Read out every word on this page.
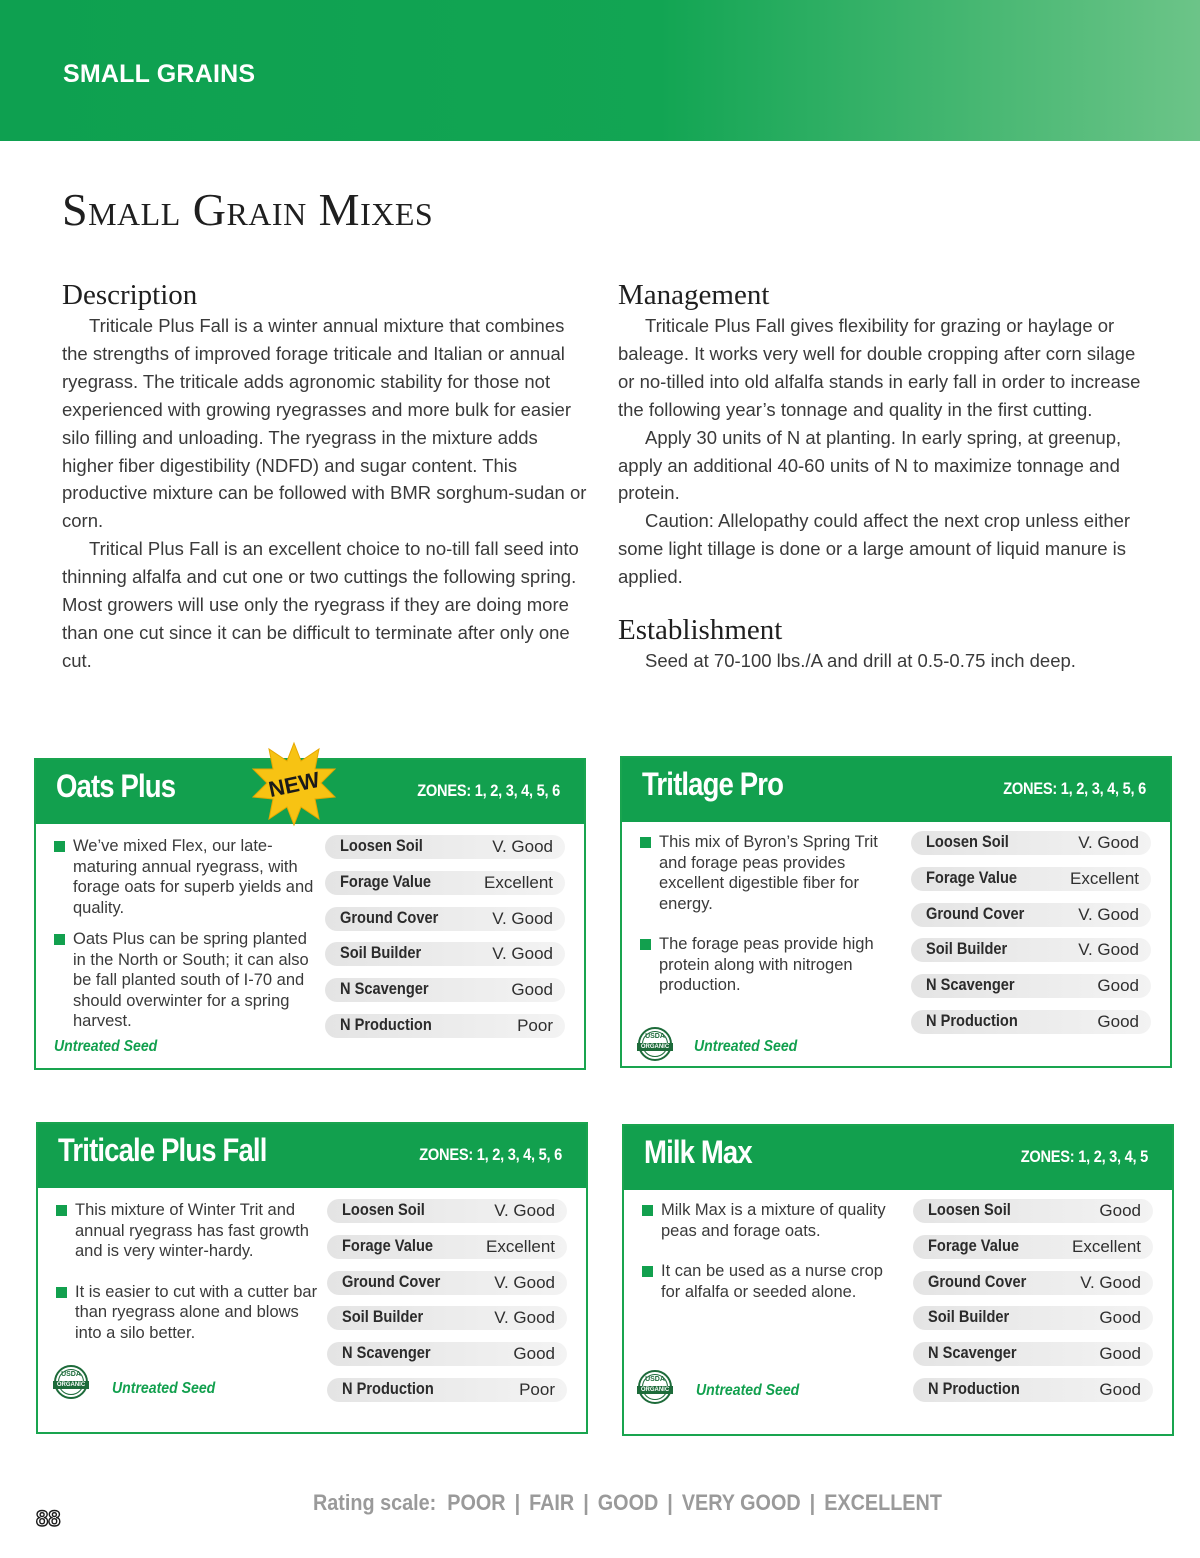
SMALL GRAINS
Small Grain Mixes
Description

Triticale Plus Fall is a winter annual mixture that combines the strengths of improved forage triticale and Italian or annual ryegrass. The triticale adds agronomic stability for those not experienced with growing ryegrasses and more bulk for easier silo filling and unloading. The ryegrass in the mixture adds higher fiber digestibility (NDFD) and sugar content. This productive mixture can be followed with BMR sorghum-sudan or corn.

Tritical Plus Fall is an excellent choice to no-till fall seed into thinning alfalfa and cut one or two cuttings the following spring. Most growers will use only the ryegrass if they are doing more than one cut since it can be difficult to terminate after only one cut.

Management

Triticale Plus Fall gives flexibility for grazing or haylage or baleage. It works very well for double cropping after corn silage or no-tilled into old alfalfa stands in early fall in order to increase the following year’s tonnage and quality in the first cutting.

Apply 30 units of N at planting. In early spring, at greenup, apply an additional 40-60 units of N to maximize tonnage and protein.

Caution: Allelopathy could affect the next crop unless either some light tillage is done or a large amount of liquid manure is applied.

Establishment

Seed at 70-100 lbs./A and drill at 0.5-0.75 inch deep.

Oats Plus	ZONES: 1, 2, 3, 4, 5, 6
We’ve mixed Flex, our late-maturing annual ryegrass, with forage oats for superb yields and quality.
Oats Plus can be spring planted in the North or South; it can also be fall planted south of I-70 and should overwinter for a spring harvest.
Untreated Seed
Loosen Soil	V. Good
Forage Value	Excellent
Ground Cover	V. Good
Soil Builder	V. Good
N Scavenger	Good
N Production	Poor
NEW	Tritlage Pro	ZONES: 1, 2, 3, 4, 5, 6
This mix of Byron’s Spring Trit and forage peas provides excellent digestible fiber for energy.
The forage peas provide high protein along with nitrogen production.
USDA
ORGANIC Untreated Seed
Loosen Soil	V. Good
Forage Value	Excellent
Ground Cover	V. Good
Soil Builder	V. Good
N Scavenger	Good
N Production	Good
Triticale Plus Fall	ZONES: 1, 2, 3, 4, 5, 6
This mixture of Winter Trit and annual ryegrass has fast growth and is very winter-hardy.
It is easier to cut with a cutter bar than ryegrass alone and blows into a silo better.
USDA
ORGANIC Untreated Seed
Loosen Soil	V. Good
Forage Value	Excellent
Ground Cover	V. Good
Soil Builder	V. Good
N Scavenger	Good
N Production	Poor
Milk Max	ZONES: 1, 2, 3, 4, 5
Milk Max is a mixture of quality peas and forage oats.
It can be used as a nurse crop for alfalfa or seeded alone.
USDA
ORGANIC Untreated Seed
Loosen Soil	Good
Forage Value	Excellent
Ground Cover	V. Good
Soil Builder	Good
N Scavenger	Good
N Production	Good
Rating scale: POOR | FAIR | GOOD | VERY GOOD | EXCELLENT
88
